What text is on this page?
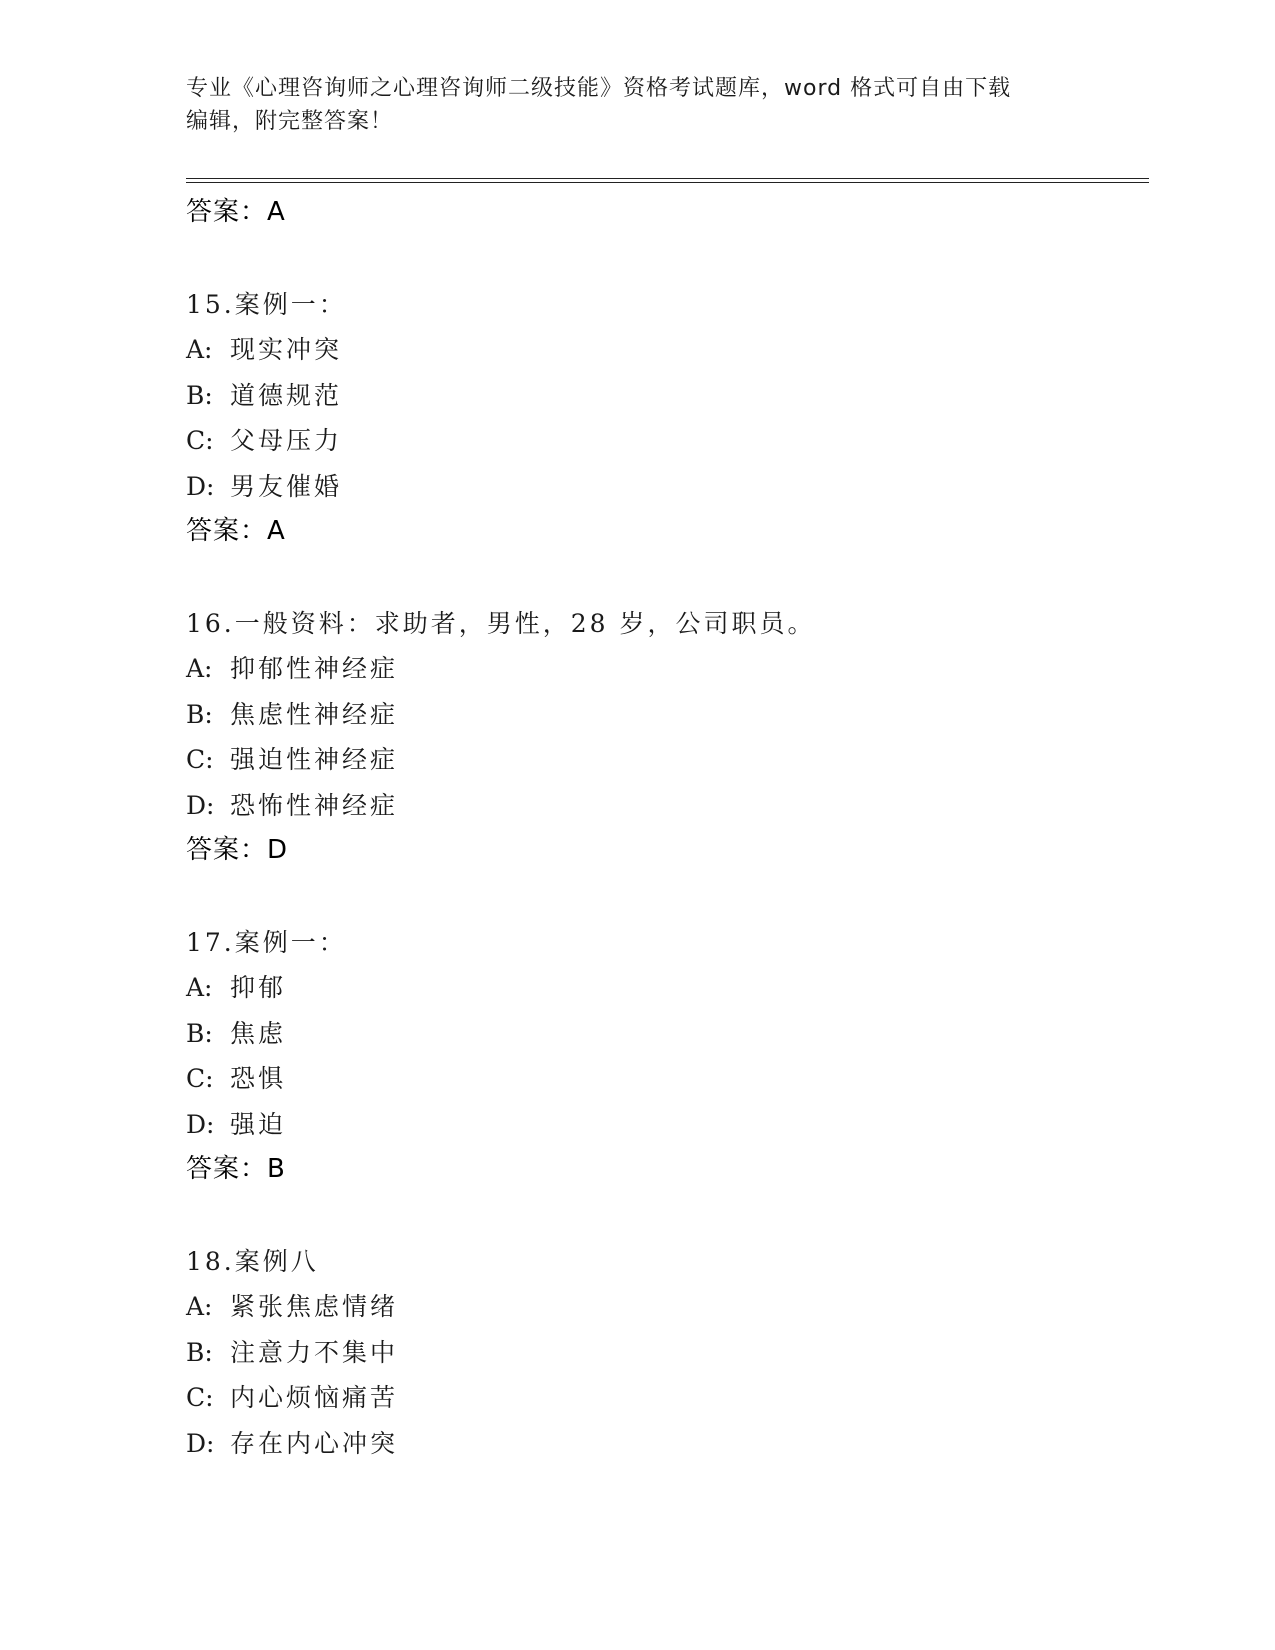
专业《心理咨询师之心理咨询师二级技能》资格考试题库，word 格式可自由下载
编辑，附完整答案！
答案：A
15.案例一：
A: 现实冲突
B: 道德规范
C: 父母压力
D: 男友催婚
答案：A
16.一般资料：求助者，男性，28 岁，公司职员。
A: 抑郁性神经症
B: 焦虑性神经症
C: 强迫性神经症
D: 恐怖性神经症
答案：D
17.案例一：
A: 抑郁
B: 焦虑
C: 恐惧
D: 强迫
答案：B
18.案例八
A: 紧张焦虑情绪
B: 注意力不集中
C: 内心烦恼痛苦
D: 存在内心冲突
